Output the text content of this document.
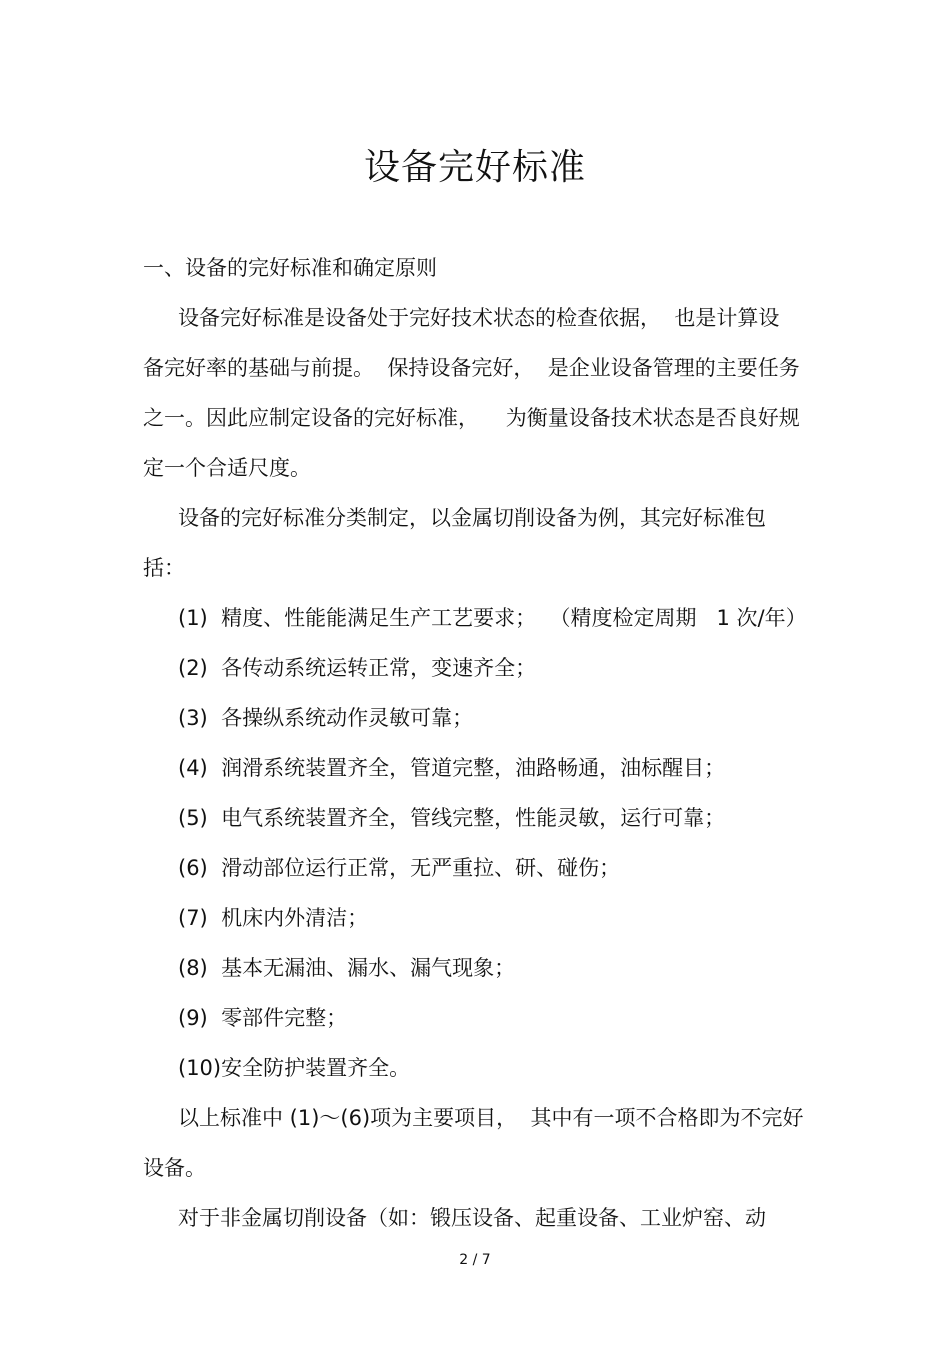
设备完好标准

一、设备的完好标准和确定原则

设备完好标准是设备处于完好技术状态的检查依据，  也是计算设

备完好率的基础与前提。  保持设备完好，  是企业设备管理的主要任务

之一。因此应制定设备的完好标准，    为衡量设备技术状态是否良好规

定一个合适尺度。

设备的完好标准分类制定，以金属切削设备为例，其完好标准包

括：

(1)  精度、性能能满足生产工艺要求；  （精度检定周期   1 次/年）

(2)  各传动系统运转正常，变速齐全；

(3)  各操纵系统动作灵敏可靠；

(4)  润滑系统装置齐全，管道完整，油路畅通，油标醒目；

(5)  电气系统装置齐全，管线完整，性能灵敏，运行可靠；

(6)  滑动部位运行正常，无严重拉、研、碰伤；

(7)  机床内外清洁；

(8)  基本无漏油、漏水、漏气现象；

(9)  零部件完整；

(10)安全防护装置齐全。

以上标准中 (1)～(6)项为主要项目，  其中有一项不合格即为不完好

设备。

对于非金属切削设备（如：锻压设备、起重设备、工业炉窑、动

2 / 7
